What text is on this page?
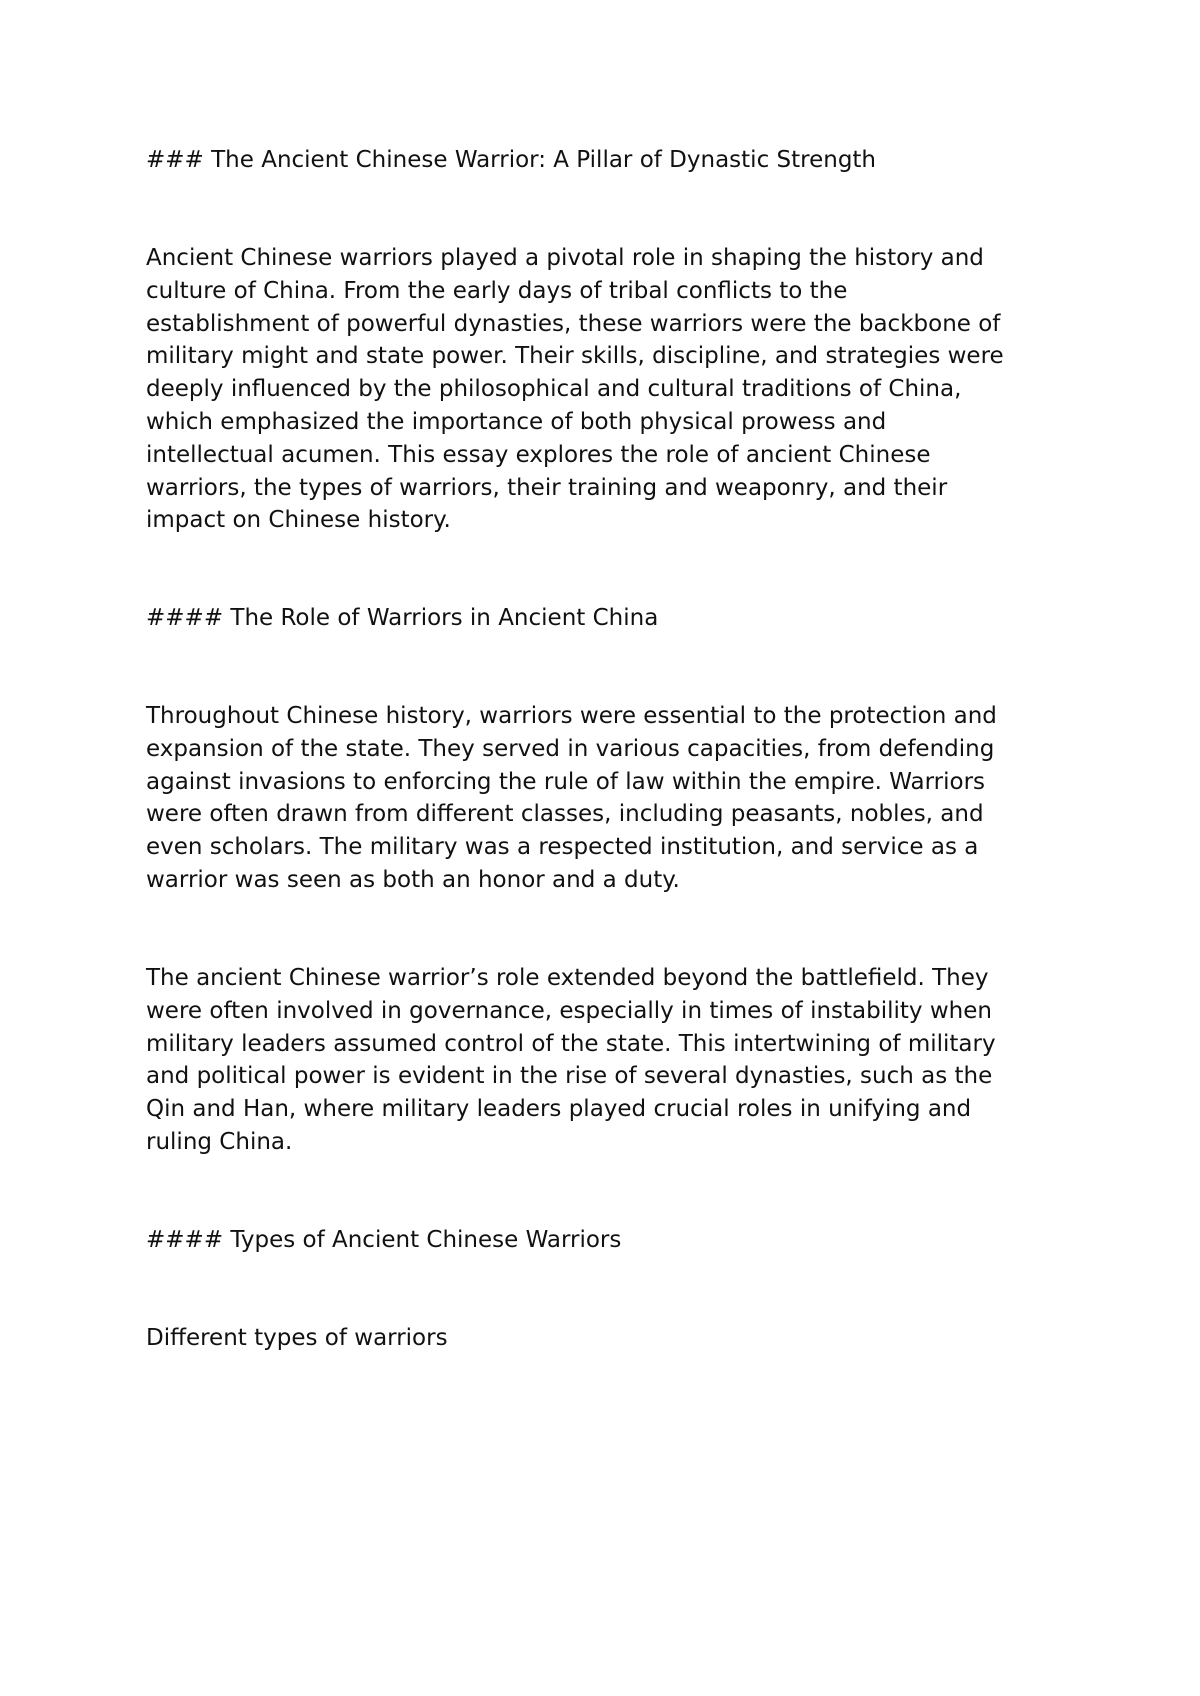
### The Ancient Chinese Warrior: A Pillar of Dynastic Strength

Ancient Chinese warriors played a pivotal role in shaping the history and
culture of China. From the early days of tribal conflicts to the
establishment of powerful dynasties, these warriors were the backbone of
military might and state power. Their skills, discipline, and strategies were
deeply influenced by the philosophical and cultural traditions of China,
which emphasized the importance of both physical prowess and
intellectual acumen. This essay explores the role of ancient Chinese
warriors, the types of warriors, their training and weaponry, and their
impact on Chinese history.

#### The Role of Warriors in Ancient China

Throughout Chinese history, warriors were essential to the protection and
expansion of the state. They served in various capacities, from defending
against invasions to enforcing the rule of law within the empire. Warriors
were often drawn from different classes, including peasants, nobles, and
even scholars. The military was a respected institution, and service as a
warrior was seen as both an honor and a duty.

The ancient Chinese warrior’s role extended beyond the battlefield. They
were often involved in governance, especially in times of instability when
military leaders assumed control of the state. This intertwining of military
and political power is evident in the rise of several dynasties, such as the
Qin and Han, where military leaders played crucial roles in unifying and
ruling China.

#### Types of Ancient Chinese Warriors

Different types of warriors
